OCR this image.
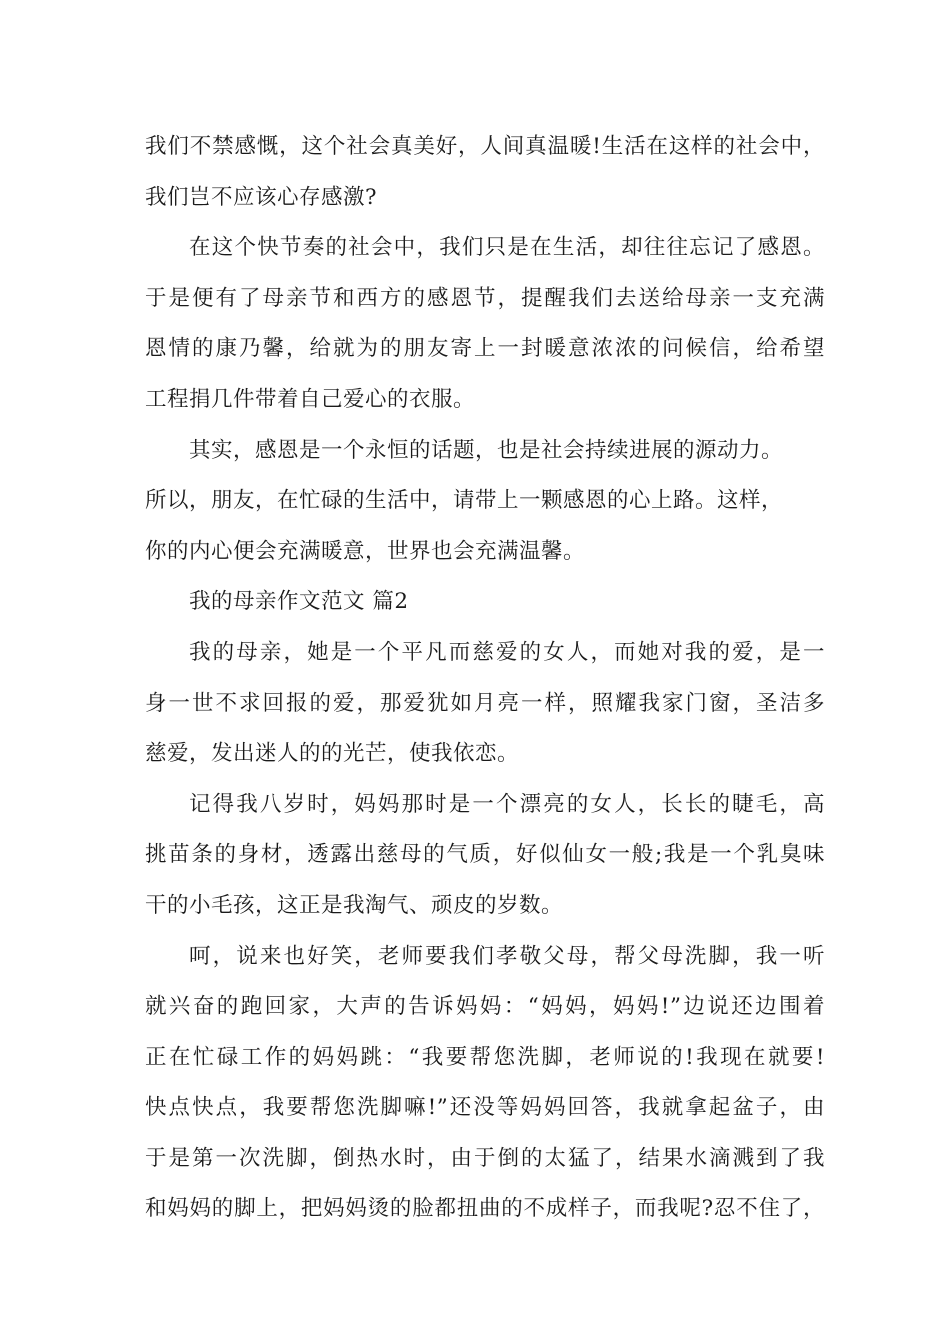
我们不禁感慨，这个社会真美好，人间真温暖!生活在这样的社会中，
我们岂不应该心存感激?
在这个快节奏的社会中，我们只是在生活，却往往忘记了感恩。
于是便有了母亲节和西方的感恩节，提醒我们去送给母亲一支充满
恩情的康乃馨，给就为的朋友寄上一封暖意浓浓的问候信，给希望
工程捐几件带着自己爱心的衣服。
其实，感恩是一个永恒的话题，也是社会持续进展的源动力。
所以，朋友，在忙碌的生活中，请带上一颗感恩的心上路。这样，
你的内心便会充满暖意，世界也会充满温馨。
我的母亲作文范文 篇2
我的母亲，她是一个平凡而慈爱的女人，而她对我的爱，是一
身一世不求回报的爱，那爱犹如月亮一样，照耀我家门窗，圣洁多
慈爱，发出迷人的的光芒，使我依恋。
记得我八岁时，妈妈那时是一个漂亮的女人，长长的睫毛，高
挑苗条的身材，透露出慈母的气质，好似仙女一般;我是一个乳臭味
干的小毛孩，这正是我淘气、顽皮的岁数。
呵，说来也好笑，老师要我们孝敬父母，帮父母洗脚，我一听
就兴奋的跑回家，大声的告诉妈妈：“妈妈，妈妈!”边说还边围着
正在忙碌工作的妈妈跳：“我要帮您洗脚，老师说的!我现在就要!
快点快点，我要帮您洗脚嘛!”还没等妈妈回答，我就拿起盆子，由
于是第一次洗脚，倒热水时，由于倒的太猛了，结果水滴溅到了我
和妈妈的脚上，把妈妈烫的脸都扭曲的不成样子，而我呢?忍不住了，
